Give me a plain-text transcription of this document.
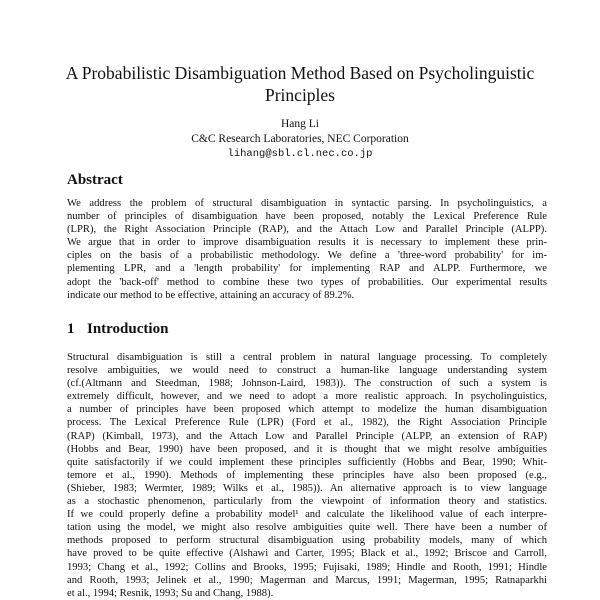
A Probabilistic Disambiguation Method Based on Psycholinguistic Principles
Hang Li
C&C Research Laboratories, NEC Corporation
lihang@sbl.cl.nec.co.jp
Abstract
We address the problem of structural disambiguation in syntactic parsing. In psycholinguistics, a
number of principles of disambiguation have been proposed, notably the Lexical Preference Rule
(LPR), the Right Association Principle (RAP), and the Attach Low and Parallel Principle (ALPP).
We argue that in order to improve disambiguation results it is necessary to implement these prin-
ciples on the basis of a probabilistic methodology. We define a 'three-word probability' for im-
plementing LPR, and a 'length probability' for implementing RAP and ALPP. Furthermore, we
adopt the 'back-off' method to combine these two types of probabilities. Our experimental results
indicate our method to be effective, attaining an accuracy of 89.2%.
1 Introduction
Structural disambiguation is still a central problem in natural language processing. To completely
resolve ambiguities, we would need to construct a human-like language understanding system
(cf.(Altmann and Steedman, 1988; Johnson-Laird, 1983)). The construction of such a system is
extremely difficult, however, and we need to adopt a more realistic approach. In psycholinguistics,
a number of principles have been proposed which attempt to modelize the human disambiguation
process. The Lexical Preference Rule (LPR) (Ford et al., 1982), the Right Association Principle
(RAP) (Kimball, 1973), and the Attach Low and Parallel Principle (ALPP, an extension of RAP)
(Hobbs and Bear, 1990) have been proposed, and it is thought that we might resolve ambiguities
quite satisfactorily if we could implement these principles sufficiently (Hobbs and Bear, 1990; Whit-
temore et al., 1990). Methods of implementing these principles have also been proposed (e.g.,
(Shieber, 1983; Wermter, 1989; Wilks et al., 1985)). An alternative approach is to view language
as a stochastic phenomenon, particularly from the viewpoint of information theory and statistics.
If we could properly define a probability model¹ and calculate the likelihood value of each interpre-
tation using the model, we might also resolve ambiguities quite well. There have been a number of
methods proposed to perform structural disambiguation using probability models, many of which
have proved to be quite effective (Alshawi and Carter, 1995; Black et al., 1992; Briscoe and Carroll,
1993; Chang et al., 1992; Collins and Brooks, 1995; Fujisaki, 1989; Hindle and Rooth, 1991; Hindle
and Rooth, 1993; Jelinek et al., 1990; Magerman and Marcus, 1991; Magerman, 1995; Ratnaparkhi
et al., 1994; Resnik, 1993; Su and Chang, 1988).
